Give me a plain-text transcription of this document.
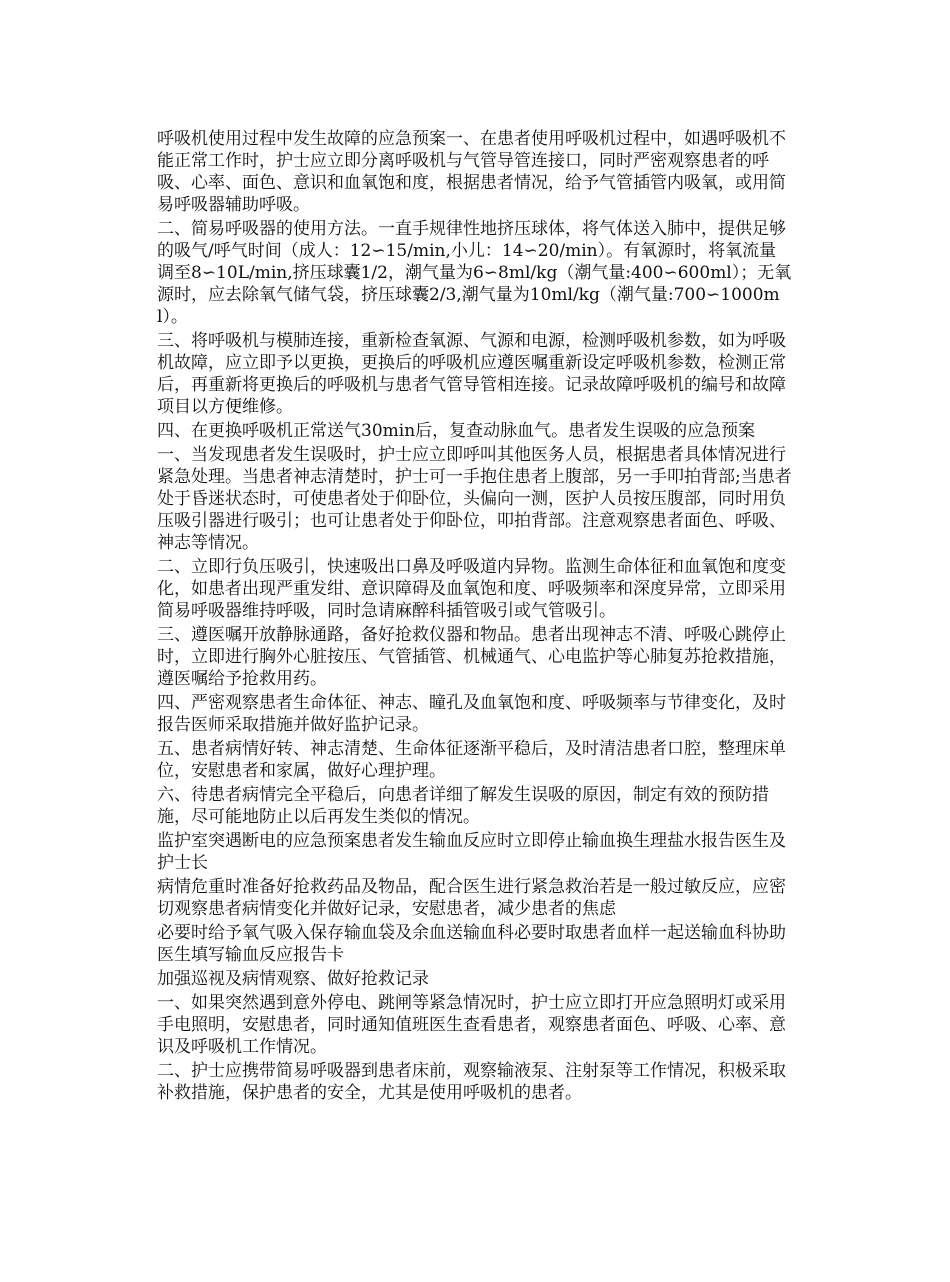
呼吸机使用过程中发生故障的应急预案一、在患者使用呼吸机过程中，如遇呼吸机不能正常工作时，护士应立即分离呼吸机与气管导管连接口，同时严密观察患者的呼吸、心率、面色、意识和血氧饱和度，根据患者情况，给予气管插管内吸氧，或用简易呼吸器辅助呼吸。

二、简易呼吸器的使用方法。一直手规律性地挤压球体，将气体送入肺中，提供足够的吸气/呼气时间（成人：12∽15/min,小儿：14∽20/min）。有氧源时，将氧流量调至8∽10L/min,挤压球囊1/2，潮气量为6∽8ml/kg（潮气量:400∽600ml）；无氧源时，应去除氧气储气袋，挤压球囊2/3,潮气量为10ml/kg（潮气量:700∽1000ml）。

三、将呼吸机与模肺连接，重新检查氧源、气源和电源，检测呼吸机参数，如为呼吸机故障，应立即予以更换，更换后的呼吸机应遵医嘱重新设定呼吸机参数，检测正常后，再重新将更换后的呼吸机与患者气管导管相连接。记录故障呼吸机的编号和故障项目以方便维修。

四、在更换呼吸机正常送气30min后，复查动脉血气。患者发生误吸的应急预案

一、当发现患者发生误吸时，护士应立即呼叫其他医务人员，根据患者具体情况进行紧急处理。当患者神志清楚时，护士可一手抱住患者上腹部，另一手叩拍背部;当患者处于昏迷状态时，可使患者处于仰卧位，头偏向一测，医护人员按压腹部，同时用负压吸引器进行吸引；也可让患者处于仰卧位，叩拍背部。注意观察患者面色、呼吸、神志等情况。

二、立即行负压吸引，快速吸出口鼻及呼吸道内异物。监测生命体征和血氧饱和度变化，如患者出现严重发绀、意识障碍及血氧饱和度、呼吸频率和深度异常，立即采用简易呼吸器维持呼吸，同时急请麻醉科插管吸引或气管吸引。

三、遵医嘱开放静脉通路，备好抢救仪器和物品。患者出现神志不清、呼吸心跳停止时，立即进行胸外心脏按压、气管插管、机械通气、心电监护等心肺复苏抢救措施，遵医嘱给予抢救用药。

四、严密观察患者生命体征、神志、瞳孔及血氧饱和度、呼吸频率与节律变化，及时报告医师采取措施并做好监护记录。

五、患者病情好转、神志清楚、生命体征逐渐平稳后，及时清洁患者口腔，整理床单位，安慰患者和家属，做好心理护理。

六、待患者病情完全平稳后，向患者详细了解发生误吸的原因，制定有效的预防措施，尽可能地防止以后再发生类似的情况。

监护室突遇断电的应急预案患者发生输血反应时立即停止输血换生理盐水报告医生及护士长

病情危重时准备好抢救药品及物品，配合医生进行紧急救治若是一般过敏反应，应密切观察患者病情变化并做好记录，安慰患者，减少患者的焦虑

必要时给予氧气吸入保存输血袋及余血送输血科必要时取患者血样一起送输血科协助医生填写输血反应报告卡

加强巡视及病情观察、做好抢救记录

一、如果突然遇到意外停电、跳闸等紧急情况时，护士应立即打开应急照明灯或采用手电照明，安慰患者，同时通知值班医生查看患者，观察患者面色、呼吸、心率、意识及呼吸机工作情况。

二、护士应携带简易呼吸器到患者床前，观察输液泵、注射泵等工作情况，积极采取补救措施，保护患者的安全，尤其是使用呼吸机的患者。
